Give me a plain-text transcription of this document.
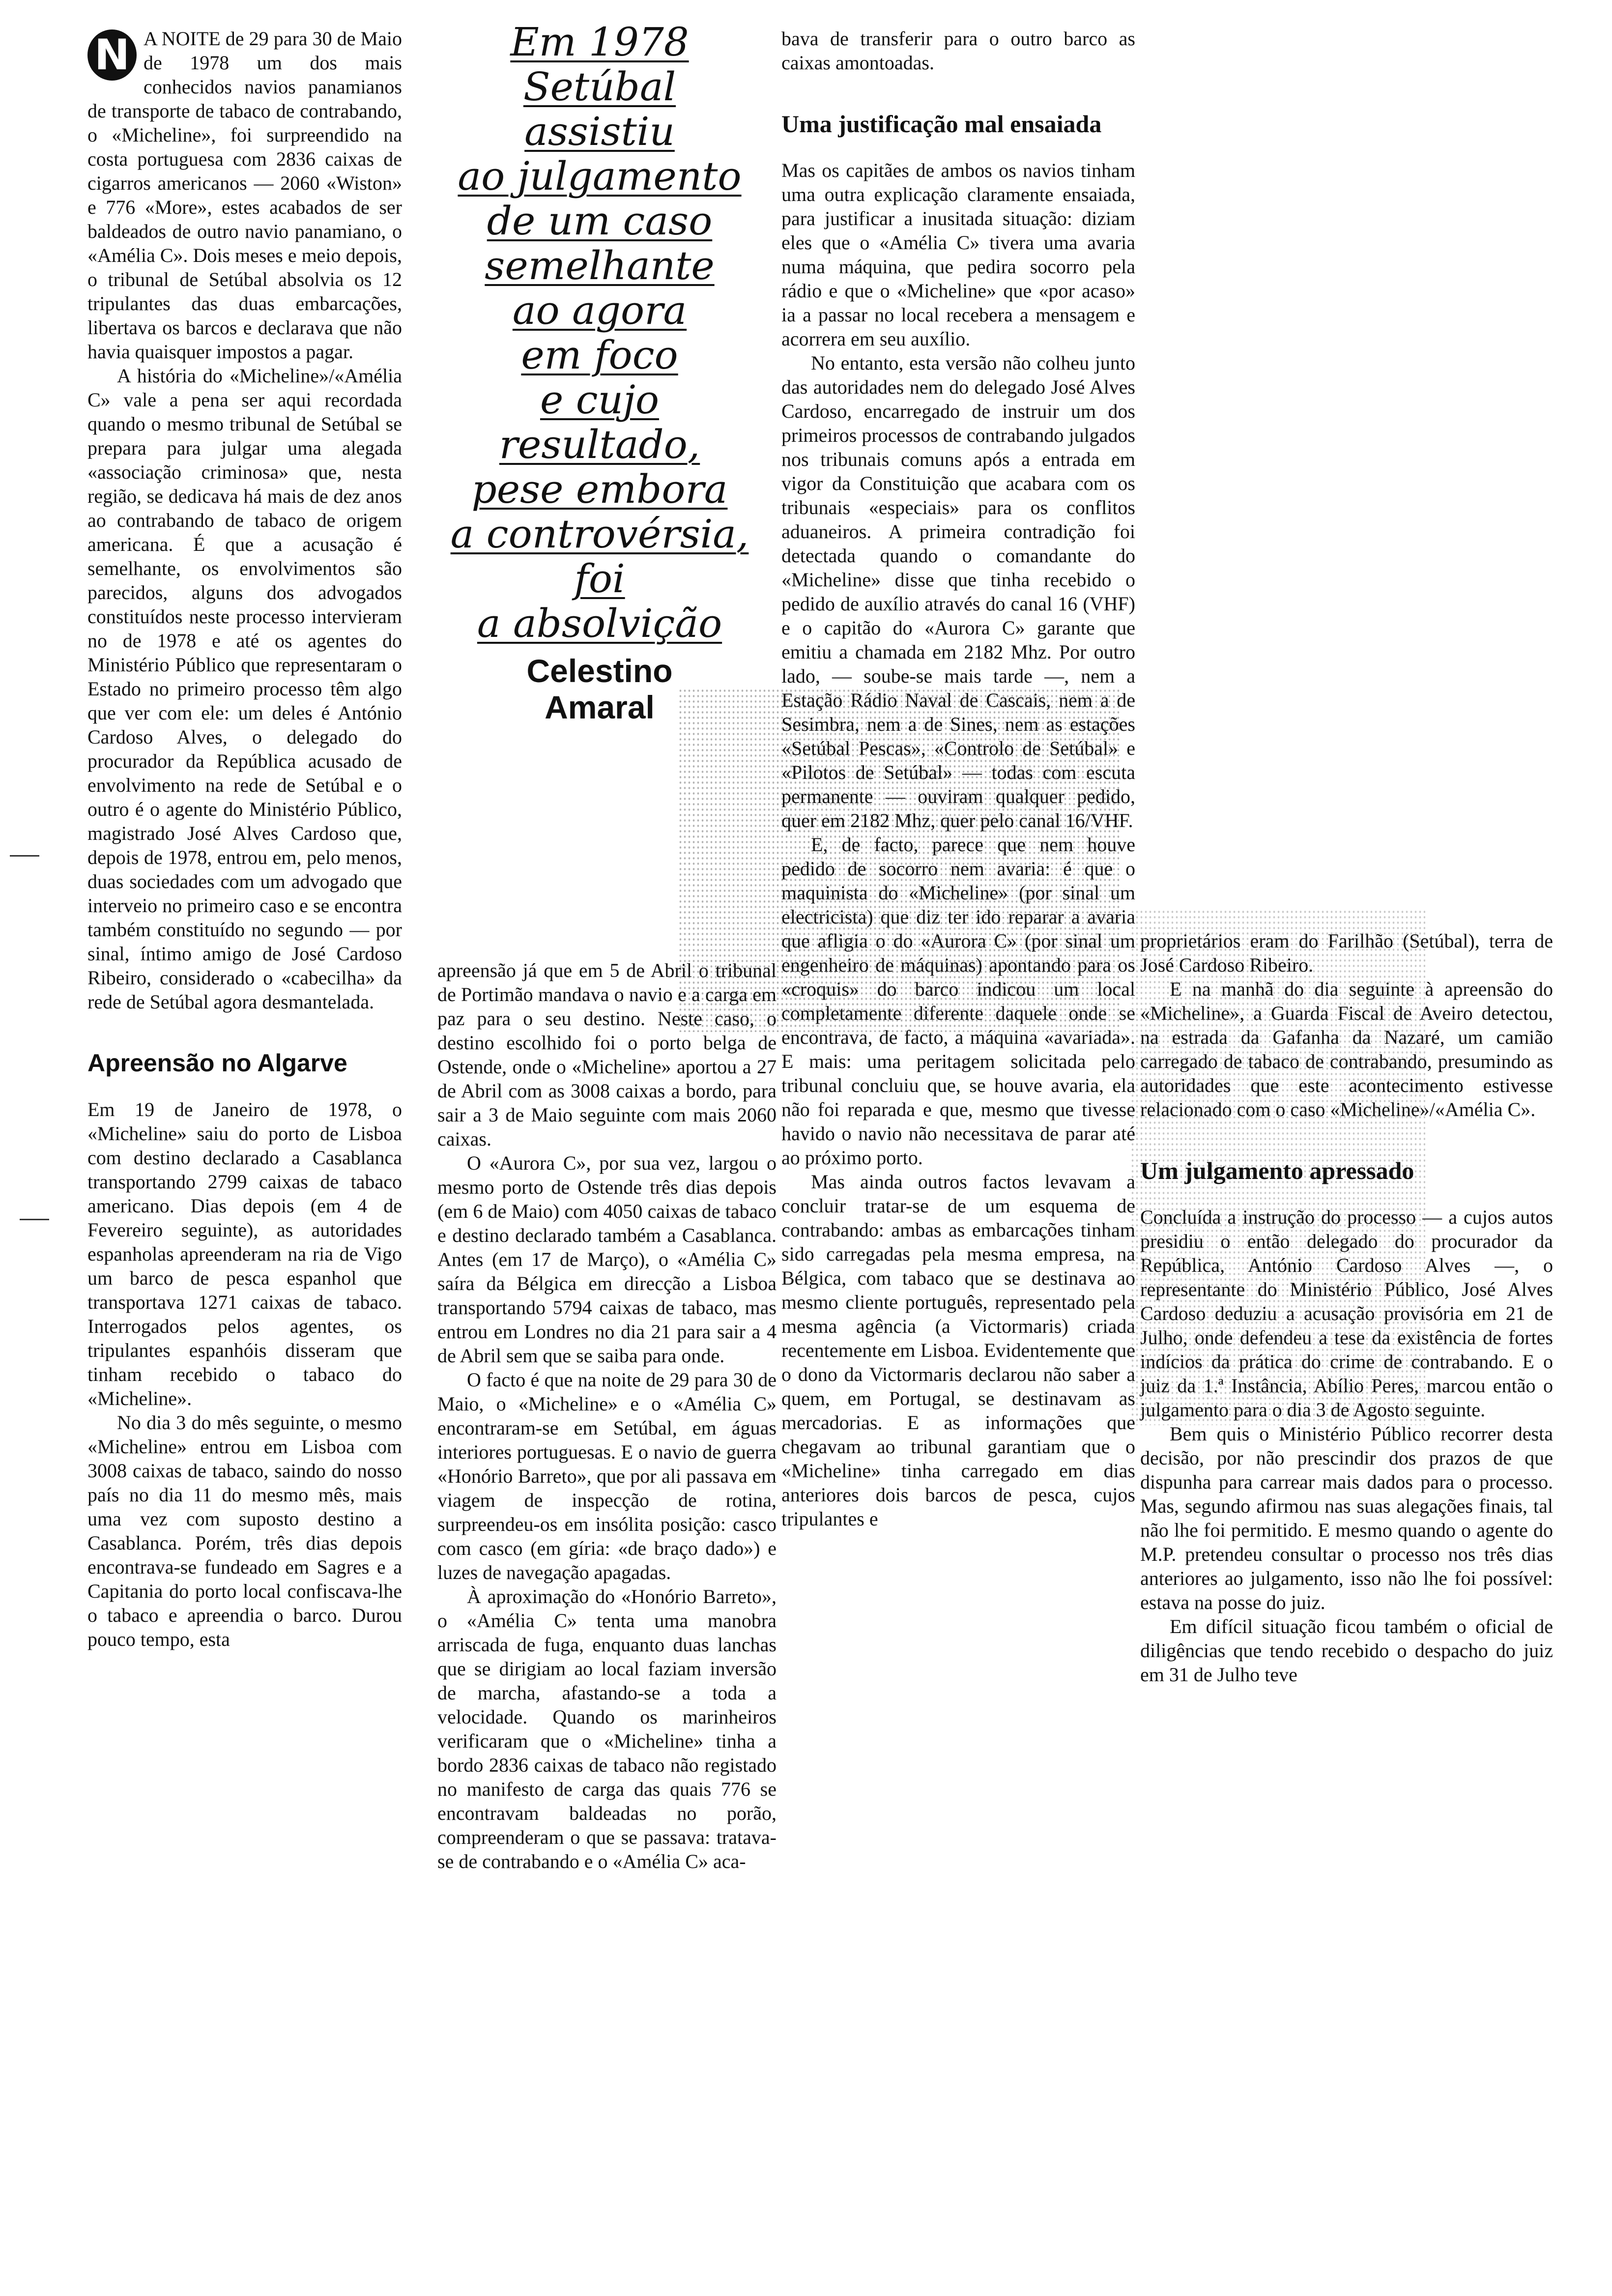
N A NOITE de 29 para 30 de Maio de 1978 um dos mais conhecidos navios panamianos de transporte de tabaco de contrabando, o «Micheline», foi surpreendido na costa portuguesa com 2836 caixas de cigarros americanos — 2060 «Wiston» e 776 «More», estes acabados de ser baldeados de outro navio panamiano, o «Amélia C». Dois meses e meio depois, o tribunal de Setúbal absolvia os 12 tripulantes das duas embarcações, libertava os barcos e declarava que não havia quaisquer impostos a pagar.

A história do «Micheline»/«Amélia C» vale a pena ser aqui recordada quando o mesmo tribunal de Setúbal se prepara para julgar uma alegada «associação criminosa» que, nesta região, se dedicava há mais de dez anos ao contrabando de tabaco de origem americana. É que a acusação é semelhante, os envolvimentos são parecidos, alguns dos advogados constituídos neste processo intervieram no de 1978 e até os agentes do Ministério Público que representaram o Estado no primeiro processo têm algo que ver com ele: um deles é António Cardoso Alves, o delegado do procurador da República acusado de envolvimento na rede de Setúbal e o outro é o agente do Ministério Público, magistrado José Alves Cardoso que, depois de 1978, entrou em, pelo menos, duas sociedades com um advogado que interveio no primeiro caso e se encontra também constituído no segundo — por sinal, íntimo amigo de José Cardoso Ribeiro, considerado o «cabecilha» da rede de Setúbal agora desmantelada.

Apreensão no Algarve

Em 19 de Janeiro de 1978, o «Micheline» saiu do porto de Lisboa com destino declarado a Casablanca transportando 2799 caixas de tabaco americano. Dias depois (em 4 de Fevereiro seguinte), as autoridades espanholas apreenderam na ria de Vigo um barco de pesca espanhol que transportava 1271 caixas de tabaco. Interrogados pelos agentes, os tripulantes espanhóis disseram que tinham recebido o tabaco do «Micheline».

No dia 3 do mês seguinte, o mesmo «Micheline» entrou em Lisboa com 3008 caixas de tabaco, saindo do nosso país no dia 11 do mesmo mês, mais uma vez com suposto destino a Casablanca. Porém, três dias depois encontrava-se fundeado em Sagres e a Capitania do porto local confiscava-lhe o tabaco e apreendia o barco. Durou pouco tempo, esta

Em 1978
Setúbal
assistiu
ao julgamento
de um caso
semelhante
ao agora
em foco
e cujo
resultado,
pese embora
a controvérsia,
foi
a absolvição
Celestino
Amaral

apreensão já que em 5 de Abril o tribunal de Portimão mandava o navio e a carga em paz para o seu destino. Neste caso, o destino escolhido foi o porto belga de Ostende, onde o «Micheline» aportou a 27 de Abril com as 3008 caixas a bordo, para sair a 3 de Maio seguinte com mais 2060 caixas.

O «Aurora C», por sua vez, largou o mesmo porto de Ostende três dias depois (em 6 de Maio) com 4050 caixas de tabaco e destino declarado também a Casablanca. Antes (em 17 de Março), o «Amélia C» saíra da Bélgica em direcção a Lisboa transportando 5794 caixas de tabaco, mas entrou em Londres no dia 21 para sair a 4 de Abril sem que se saiba para onde.

O facto é que na noite de 29 para 30 de Maio, o «Micheline» e o «Amélia C» encontraram-se em Setúbal, em águas interiores portuguesas. E o navio de guerra «Honório Barreto», que por ali passava em viagem de inspecção de rotina, surpreendeu-os em insólita posição: casco com casco (em gíria: «de braço dado») e luzes de navegação apagadas.

À aproximação do «Honório Barreto», o «Amélia C» tenta uma manobra arriscada de fuga, enquanto duas lanchas que se dirigiam ao local faziam inversão de marcha, afastando-se a toda a velocidade. Quando os marinheiros verificaram que o «Micheline» tinha a bordo 2836 caixas de tabaco não registado no manifesto de carga das quais 776 se encontravam baldeadas no porão, compreenderam o que se passava: tratava-se de contrabando e o «Amélia C» aca-

bava de transferir para o outro barco as caixas amontoadas.

Uma justificação mal ensaiada

Mas os capitães de ambos os navios tinham uma outra explicação claramente ensaiada, para justificar a inusitada situação: diziam eles que o «Amélia C» tivera uma avaria numa máquina, que pedira socorro pela rádio e que o «Micheline» que «por acaso» ia a passar no local recebera a mensagem e acorrera em seu auxílio.

No entanto, esta versão não colheu junto das autoridades nem do delegado José Alves Cardoso, encarregado de instruir um dos primeiros processos de contrabando julgados nos tribunais comuns após a entrada em vigor da Constituição que acabara com os tribunais «especiais» para os conflitos aduaneiros. A primeira contradição foi detectada quando o comandante do «Micheline» disse que tinha recebido o pedido de auxílio através do canal 16 (VHF) e o capitão do «Aurora C» garante que emitiu a chamada em 2182 Mhz. Por outro lado, — soube-se mais tarde —, nem a Estação Rádio Naval de Cascais, nem a de Sesimbra, nem a de Sines, nem as estações «Setúbal Pescas», «Controlo de Setúbal» e «Pilotos de Setúbal» — todas com escuta permanente — ouviram qualquer pedido, quer em 2182 Mhz, quer pelo canal 16/VHF.

E, de facto, parece que nem houve pedido de socorro nem avaria: é que o maquinista do «Micheline» (por sinal um electricista) que diz ter ido reparar a avaria que afligia o do «Aurora C» (por sinal um engenheiro de máquinas) apontando para os «croquis» do barco indicou um local completamente diferente daquele onde se encontrava, de facto, a máquina «avariada». E mais: uma peritagem solicitada pelo tribunal concluiu que, se houve avaria, ela não foi reparada e que, mesmo que tivesse havido o navio não necessitava de parar até ao próximo porto.

Mas ainda outros factos levavam a concluir tratar-se de um esquema de contrabando: ambas as embarcações tinham sido carregadas pela mesma empresa, na Bélgica, com tabaco que se destinava ao mesmo cliente português, representado pela mesma agência (a Victormaris) criada recentemente em Lisboa. Evidentemente que o dono da Victormaris declarou não saber a quem, em Portugal, se destinavam as mercadorias. E as informações que chegavam ao tribunal garantiam que o «Micheline» tinha carregado em dias anteriores dois barcos de pesca, cujos tripulantes e

proprietários eram do Farilhão (Setúbal), terra de José Cardoso Ribeiro.

E na manhã do dia seguinte à apreensão do «Micheline», a Guarda Fiscal de Aveiro detectou, na estrada da Gafanha da Nazaré, um camião carregado de tabaco de contrabando, presumindo as autoridades que este acontecimento estivesse relacionado com o caso «Micheline»/«Amélia C».

Um julgamento apressado

Concluída a instrução do processo — a cujos autos presidiu o então delegado do procurador da República, António Cardoso Alves —, o representante do Ministério Público, José Alves Cardoso deduziu a acusação provisória em 21 de Julho, onde defendeu a tese da existência de fortes indícios da prática do crime de contrabando. E o juiz da 1.ª Instância, Abílio Peres, marcou então o julgamento para o dia 3 de Agosto seguinte.

Bem quis o Ministério Público recorrer desta decisão, por não prescindir dos prazos de que dispunha para carrear mais dados para o processo. Mas, segundo afirmou nas suas alegações finais, tal não lhe foi permitido. E mesmo quando o agente do M.P. pretendeu consultar o processo nos três dias anteriores ao julgamento, isso não lhe foi possível: estava na posse do juiz.

Em difícil situação ficou também o oficial de diligências que tendo recebido o despacho do juiz em 31 de Julho teve
